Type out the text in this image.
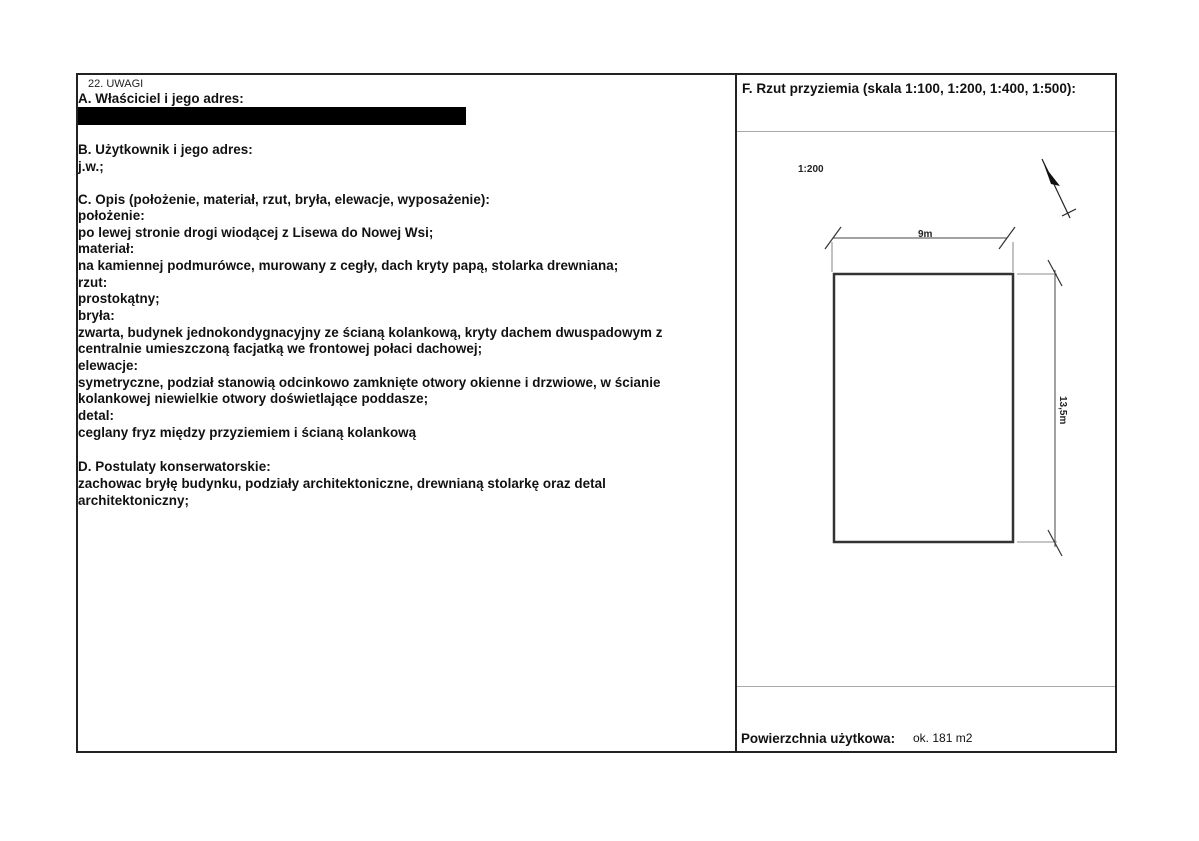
22. UWAGI
A. Właściciel i jego adres:
B. Użytkownik i jego adres:
j.w.;
C. Opis (położenie, materiał, rzut, bryła, elewacje, wyposażenie):
położenie:
po lewej stronie drogi wiodącej z Lisewa do Nowej Wsi;
materiał:
na kamiennej podmurówce, murowany z cegły, dach kryty papą, stolarka drewniana;
rzut:
prostokątny;
bryła:
zwarta, budynek jednokondygnacyjny ze ścianą kolankową, kryty dachem dwuspadowym z
centralnie umieszczoną facjatką we frontowej połaci dachowej;
elewacje:
symetryczne, podział stanowią odcinkowo zamknięte otwory okienne i drzwiowe, w ścianie
kolankowej niewielkie otwory doświetlające poddasze;
detal:
ceglany fryz między przyziemiem i ścianą kolankową
D. Postulaty konserwatorskie:
zachowac bryłę budynku, podziały architektoniczne, drewnianą stolarkę oraz detal
architektoniczny;
F. Rzut przyziemia (skala 1:100, 1:200, 1:400, 1:500):
1:200
9m
13,5m
Powierzchnia użytkowa: ok. 181 m2
